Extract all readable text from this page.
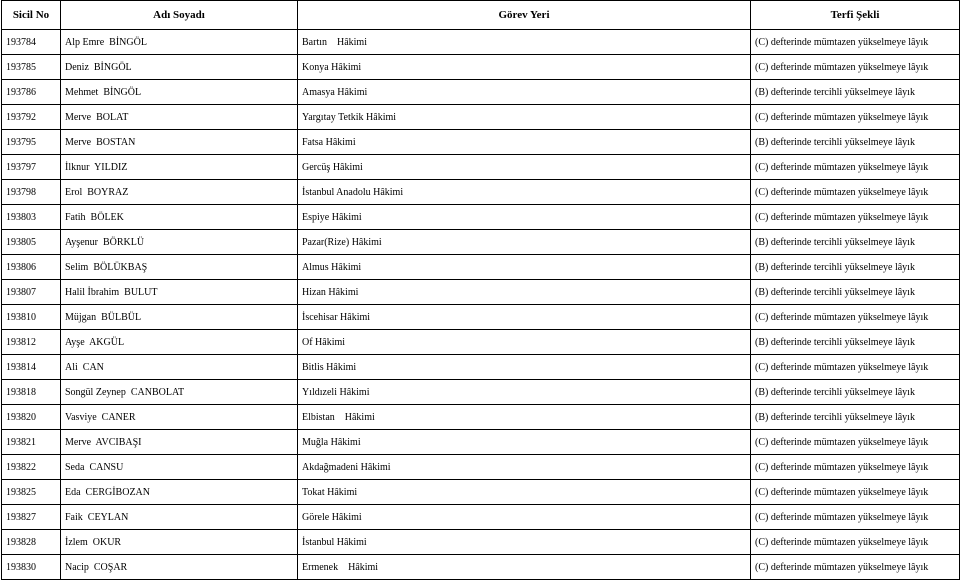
Sicil No	Adı Soyadı	Görev Yeri	Terfi Şekli
193784	Alp Emre  BİNGÖL	Bartın    Hâkimi	(C) defterinde mümtazen yükselmeye lâyık
193785	Deniz  BİNGÖL	Konya Hâkimi	(C) defterinde mümtazen yükselmeye lâyık
193786	Mehmet  BİNGÖL	Amasya Hâkimi	(B) defterinde tercihli yükselmeye lâyık
193792	Merve  BOLAT	Yargıtay Tetkik Hâkimi	(C) defterinde mümtazen yükselmeye lâyık
193795	Merve  BOSTAN	Fatsa Hâkimi	(B) defterinde tercihli yükselmeye lâyık
193797	İlknur  YILDIZ	Gercüş Hâkimi	(C) defterinde mümtazen yükselmeye lâyık
193798	Erol  BOYRAZ	İstanbul Anadolu Hâkimi	(C) defterinde mümtazen yükselmeye lâyık
193803	Fatih  BÖLEK	Espiye Hâkimi	(C) defterinde mümtazen yükselmeye lâyık
193805	Ayşenur  BÖRKLÜ	Pazar(Rize) Hâkimi	(B) defterinde tercihli yükselmeye lâyık
193806	Selim  BÖLÜKBAŞ	Almus Hâkimi	(B) defterinde tercihli yükselmeye lâyık
193807	Halil İbrahim  BULUT	Hizan Hâkimi	(B) defterinde tercihli yükselmeye lâyık
193810	Müjgan  BÜLBÜL	İscehisar Hâkimi	(C) defterinde mümtazen yükselmeye lâyık
193812	Ayşe  AKGÜL	Of Hâkimi	(B) defterinde tercihli yükselmeye lâyık
193814	Ali  CAN	Bitlis Hâkimi	(C) defterinde mümtazen yükselmeye lâyık
193818	Songül Zeynep  CANBOLAT	Yıldızeli Hâkimi	(B) defterinde tercihli yükselmeye lâyık
193820	Vasviye  CANER	Elbistan    Hâkimi	(B) defterinde tercihli yükselmeye lâyık
193821	Merve  AVCIBAŞI	Muğla Hâkimi	(C) defterinde mümtazen yükselmeye lâyık
193822	Seda  CANSU	Akdağmadeni Hâkimi	(C) defterinde mümtazen yükselmeye lâyık
193825	Eda  CERGİBOZAN	Tokat Hâkimi	(C) defterinde mümtazen yükselmeye lâyık
193827	Faik  CEYLAN	Görele Hâkimi	(C) defterinde mümtazen yükselmeye lâyık
193828	İzlem  OKUR	İstanbul Hâkimi	(C) defterinde mümtazen yükselmeye lâyık
193830	Nacip  COŞAR	Ermenek    Hâkimi	(C) defterinde mümtazen yükselmeye lâyık
